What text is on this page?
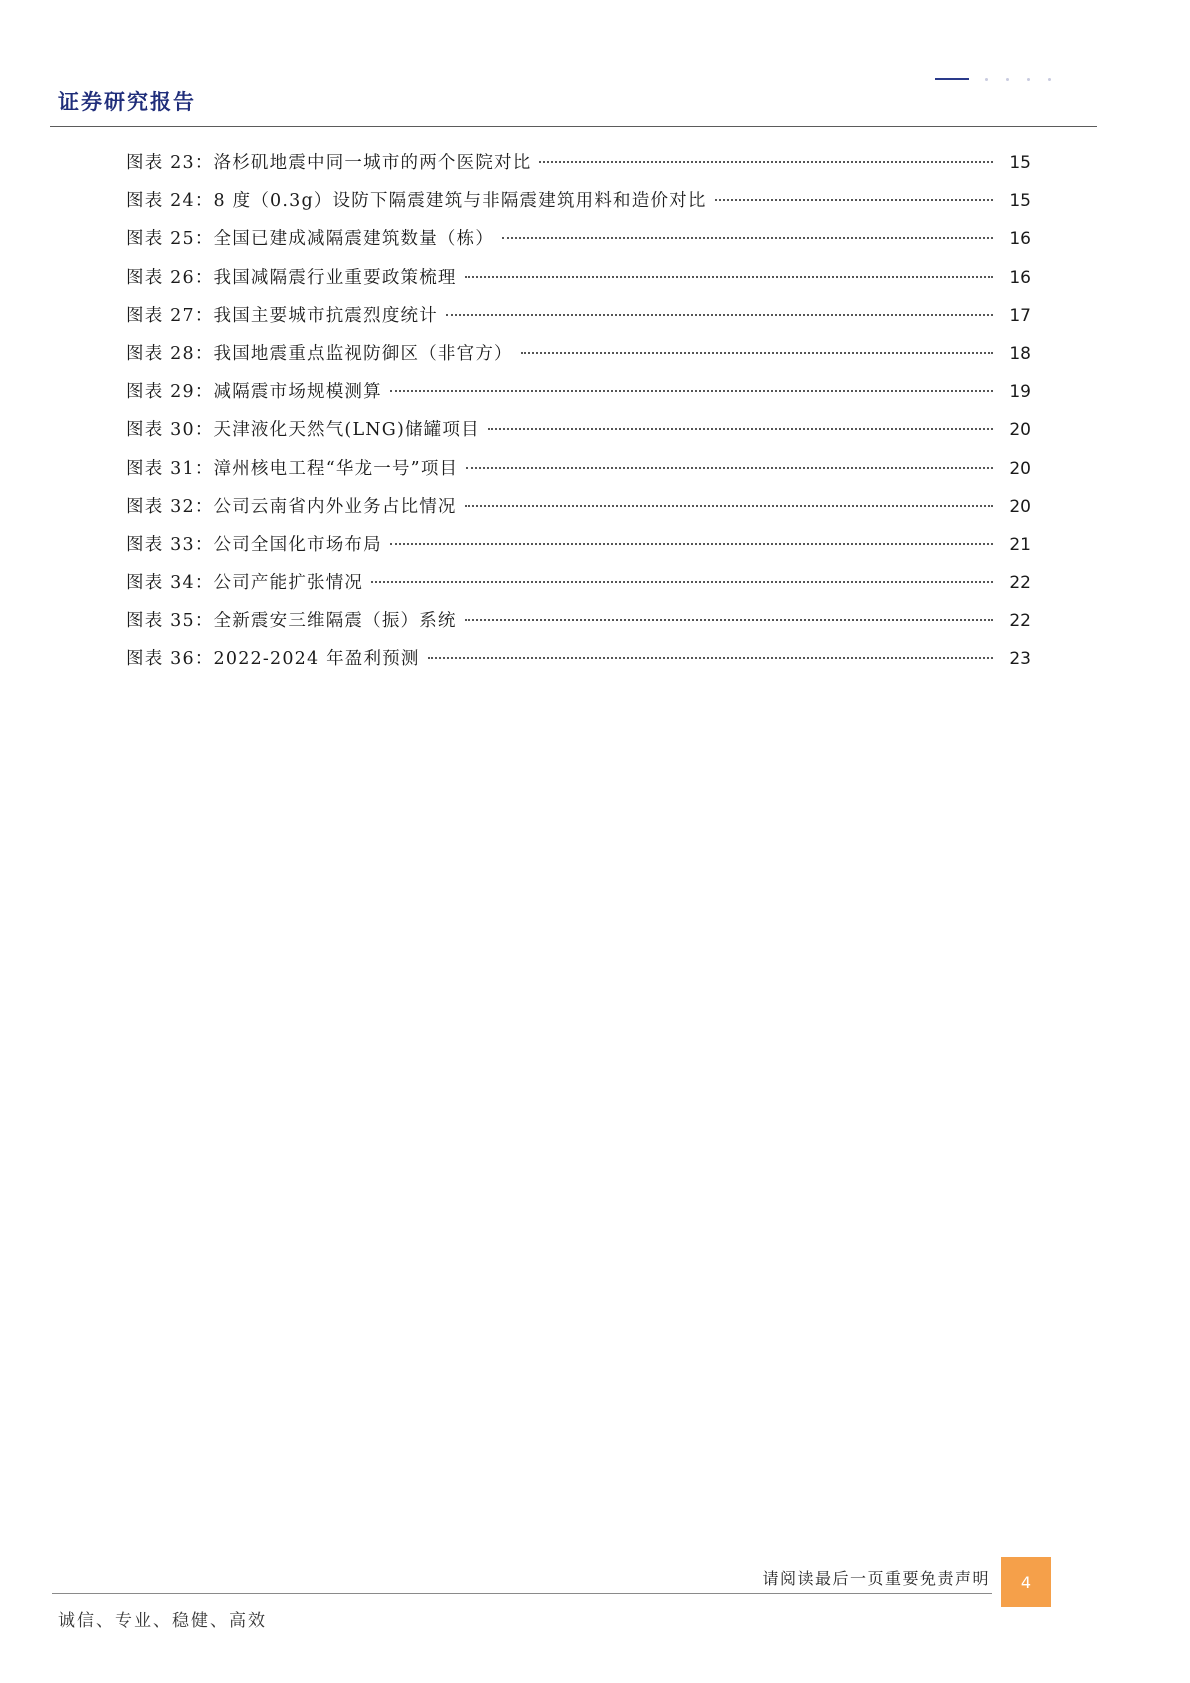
证券研究报告
图表 23：洛杉矶地震中同一城市的两个医院对比	15
图表 24：8 度（0.3g）设防下隔震建筑与非隔震建筑用料和造价对比	15
图表 25：全国已建成减隔震建筑数量（栋）	16
图表 26：我国减隔震行业重要政策梳理	16
图表 27：我国主要城市抗震烈度统计	17
图表 28：我国地震重点监视防御区（非官方）	18
图表 29：减隔震市场规模测算	19
图表 30：天津液化天然气(LNG)储罐项目	20
图表 31：漳州核电工程“华龙一号”项目	20
图表 32：公司云南省内外业务占比情况	20
图表 33：公司全国化市场布局	21
图表 34：公司产能扩张情况	22
图表 35：全新震安三维隔震（振）系统	22
图表 36：2022-2024 年盈利预测	23
请阅读最后一页重要免责声明	4
诚信、专业、稳健、高效
